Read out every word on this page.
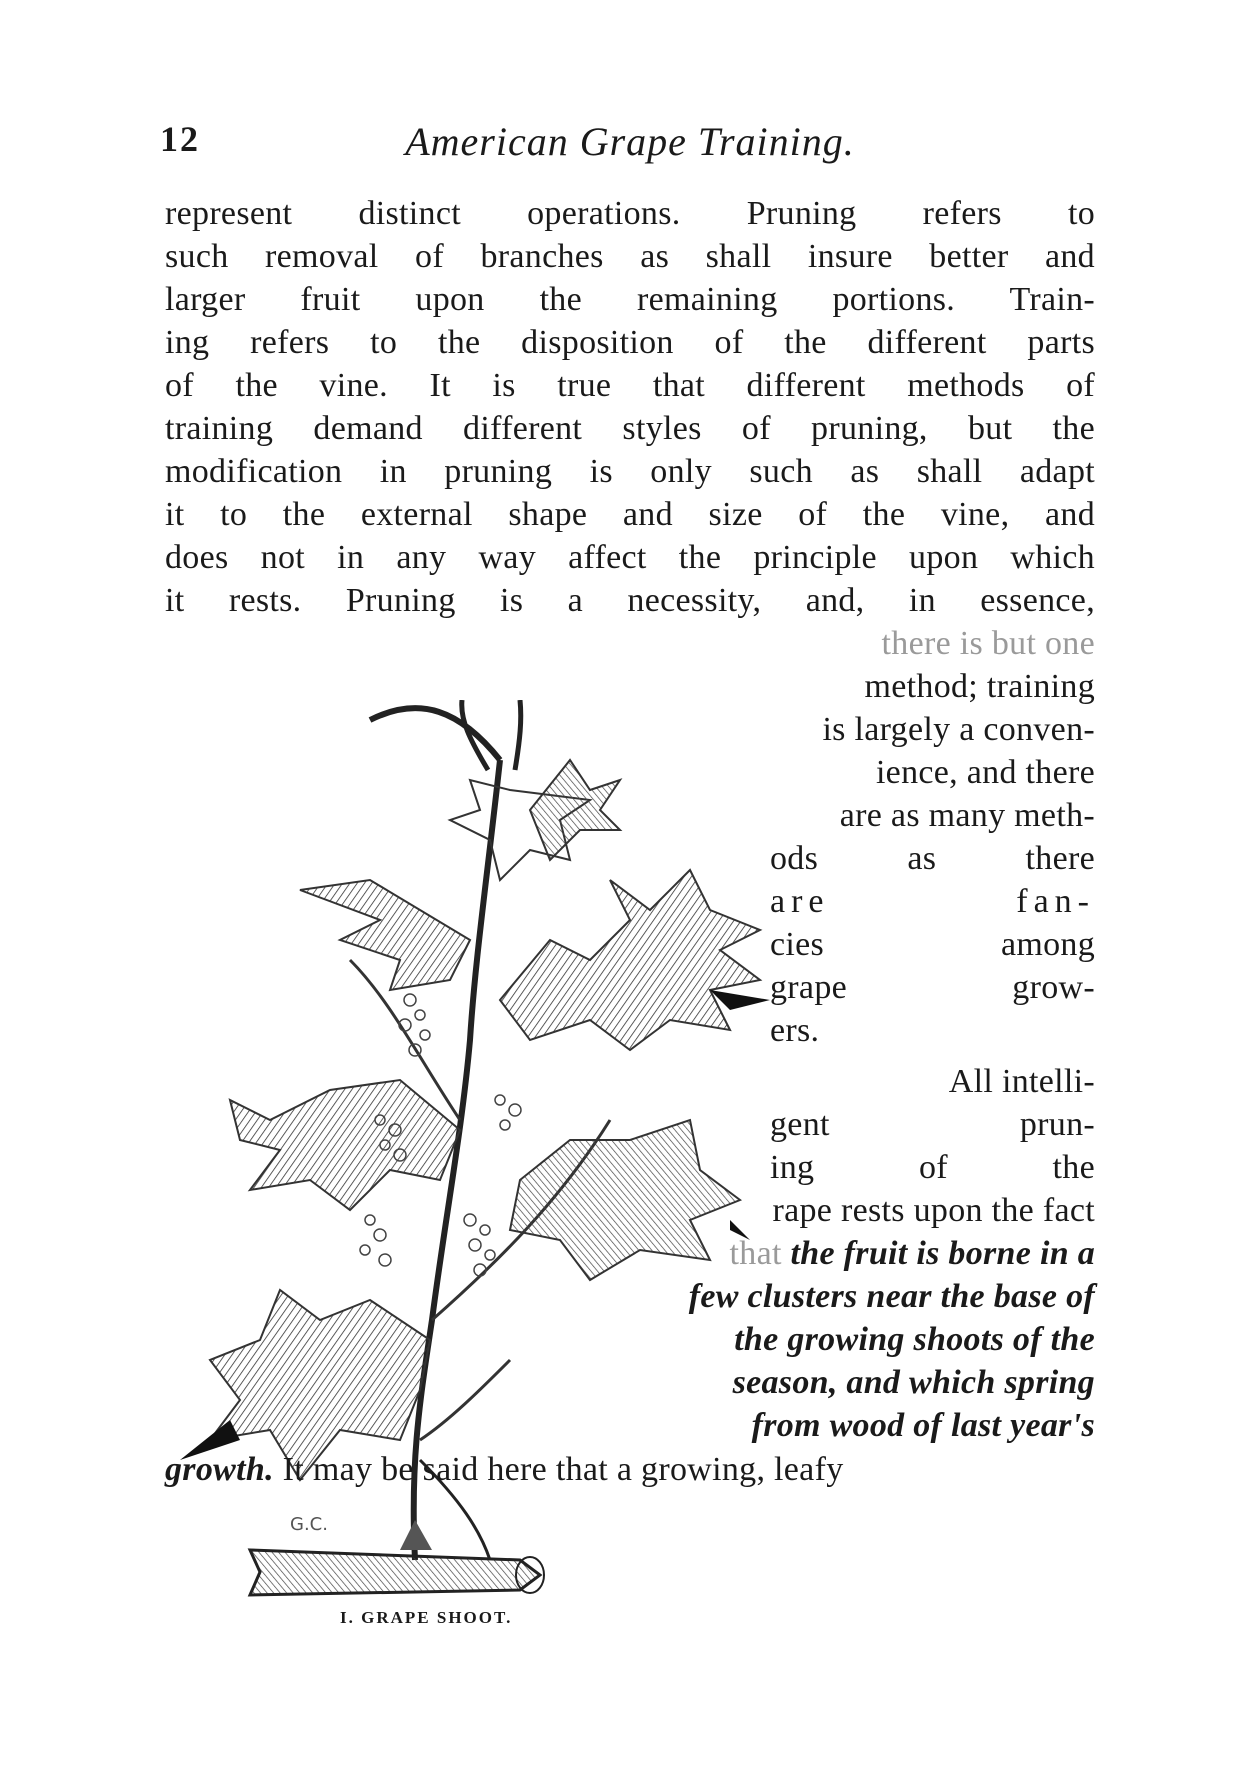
12	American Grape Training.
represent distinct operations. Pruning refers to
such removal of branches as shall insure better and
larger fruit upon the remaining portions. Train-
ing refers to the disposition of the different parts
of the vine. It is true that different methods of
training demand different styles of pruning, but the
modification in pruning is only such as shall adapt
it to the external shape and size of the vine, and
does not in any way affect the principle upon which
it rests. Pruning is a necessity, and, in essence,
G.C.
there is but one
method; training
is largely a conven-
ience, and there
are as many meth-
ods as there
are fan-
cies among
grape grow-
ers.
All intelli-
gent prun-
ing of the
rape rests upon the fact
that the fruit is borne in a
few clusters near the base of
the growing shoots of the
season, and which spring
from wood of last year's
I. GRAPE SHOOT.
growth. It may be said here that a growing, leafy
